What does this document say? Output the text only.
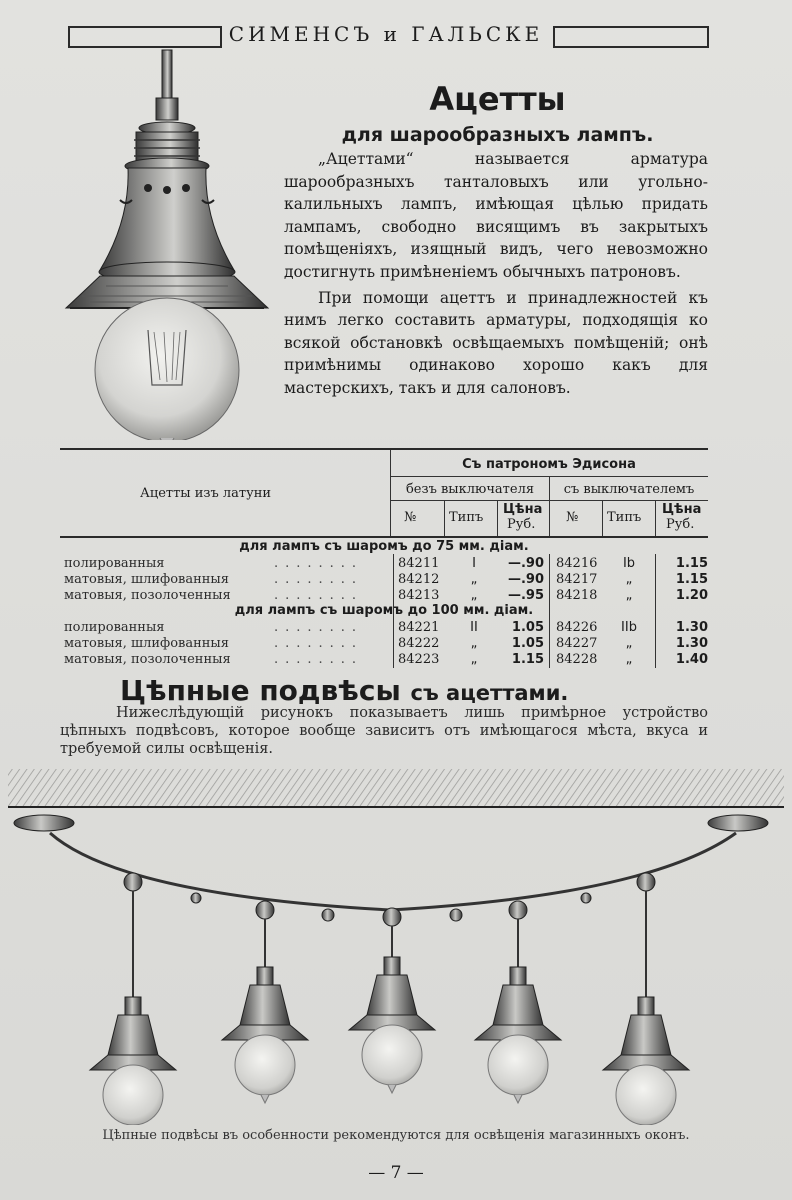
СИМЕНСЪ и ГАЛЬСКЕ
Ацетты
для шарообразныхъ лампъ.

„Ацеттами“ называется арматура шарообразныхъ танталовыхъ или угольно-калильныхъ лампъ, имѣющая цѣлью придать лампамъ, свободно висящимъ въ закрытыхъ помѣщеніяхъ, изящный видъ, чего невозможно достигнуть примѣненіемъ обычныхъ патроновъ.

При помощи ацеттъ и принадлежностей къ нимъ легко составить арматуры, подходящія ко всякой обстановкѣ освѣщаемыхъ помѣщеній; онѣ примѣнимы одинаково хорошо какъ для мастерскихъ, такъ и для салоновъ.

Ацетты изъ латуни
Съ патрономъ Эдисона
безъ выключателя	съ выключателемъ
№	Типъ
Цѣна
Руб. № Типъ
Цѣна
Руб.
для лампъ съ шаромъ до 75 мм. діам.
полированныя	........	84211	I	—.90 84216	Ib	1.15
матовыя, шлифованныя	........	84212	„	—.90 84217	„	1.15
матовыя, позолоченныя	........	84213	„	—.95 84218	„	1.20
для лампъ съ шаромъ до 100 мм. діам.
полированныя	........	84221	II	1.05 84226	IIb	1.30
матовыя, шлифованныя	........	84222	„	1.05 84227	„	1.30
матовыя, позолоченныя	........	84223	„	1.15 84228	„	1.40
Цѣпные подвѣсы съ ацеттами.

Нижеслѣдующій рисунокъ показываетъ лишь примѣрное устройство цѣпныхъ подвѣсовъ, которое вообще зависитъ отъ имѣющагося мѣста, вкуса и требуемой силы освѣщенія.

Цѣпные подвѣсы въ особенности рекомендуются для освѣщенія магазинныхъ оконъ.
— 7 —
